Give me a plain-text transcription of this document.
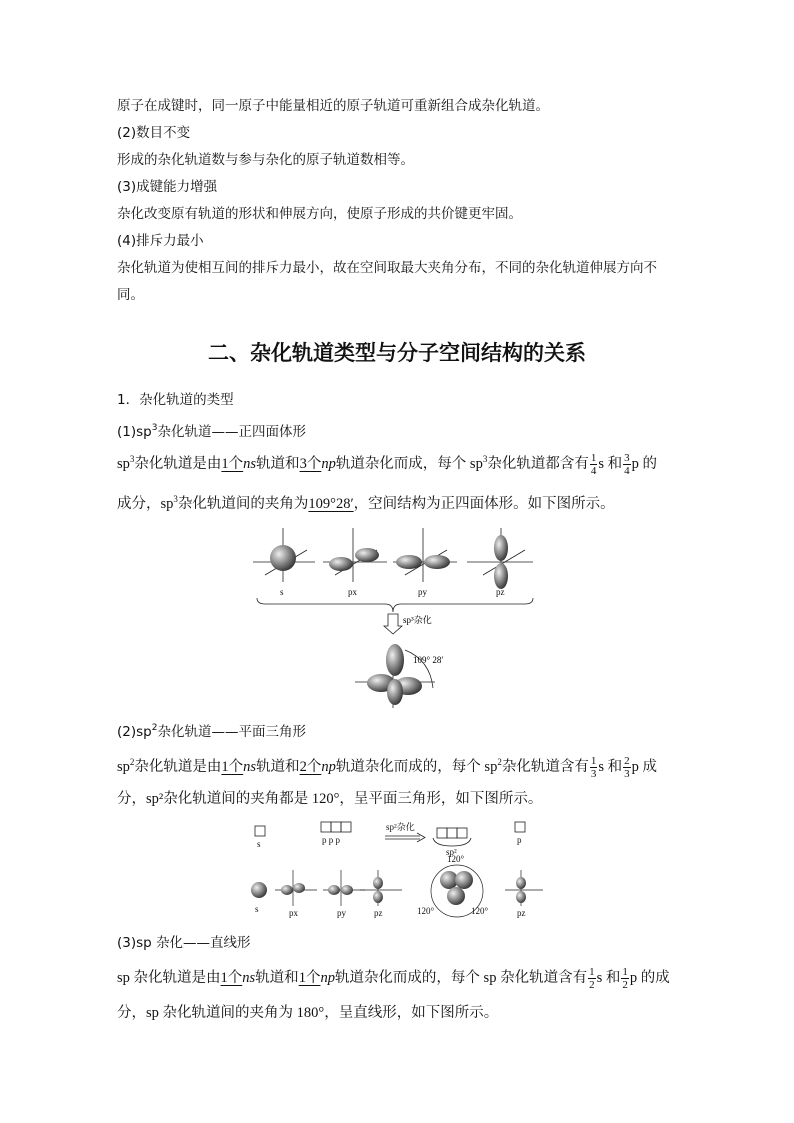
原子在成键时，同一原子中能量相近的原子轨道可重新组合成杂化轨道。
(2)数目不变
形成的杂化轨道数与参与杂化的原子轨道数相等。
(3)成键能力增强
杂化改变原有轨道的形状和伸展方向，使原子形成的共价键更牢固。
(4)排斥力最小
杂化轨道为使相互间的排斥力最小，故在空间取最大夹角分布，不同的杂化轨道伸展方向不
同。
二、杂化轨道类型与分子空间结构的关系
1．杂化轨道的类型
$(1)sp^3$杂化轨道——正四面体形
$sp^3$杂化轨道是由1个ns轨道和3个np轨道杂化而成，每个 $sp^3$杂化轨道都含有 $\frac{1}{4}$ s 和 $\frac{3}{4}$ p 的
成分，$sp^3$杂化轨道间的夹角为109°28′，空间结构为正四面体形。如下图所示。
s	px	py	pz
sp³杂化
109° 28′
$(2)sp^2$杂化轨道——平面三角形
$sp^2$杂化轨道是由1个ns轨道和2个np轨道杂化而成的，每个 $sp^2$杂化轨道含有 $\frac{1}{3}$ s 和 $\frac{2}{3}$ p 成
分，sp²杂化轨道间的夹角都是 120°，呈平面三角形，如下图所示。
s	p p p
sp²杂化
sp²
p
s	px	py	pz	pz
120°
120°	120°
(3)sp 杂化——直线形
sp 杂化轨道是由1个ns轨道和1个np轨道杂化而成的，每个 sp 杂化轨道含有 $\frac{1}{2}$ s 和 $\frac{1}{2}$ p 的成
分，sp 杂化轨道间的夹角为 180°，呈直线形，如下图所示。
